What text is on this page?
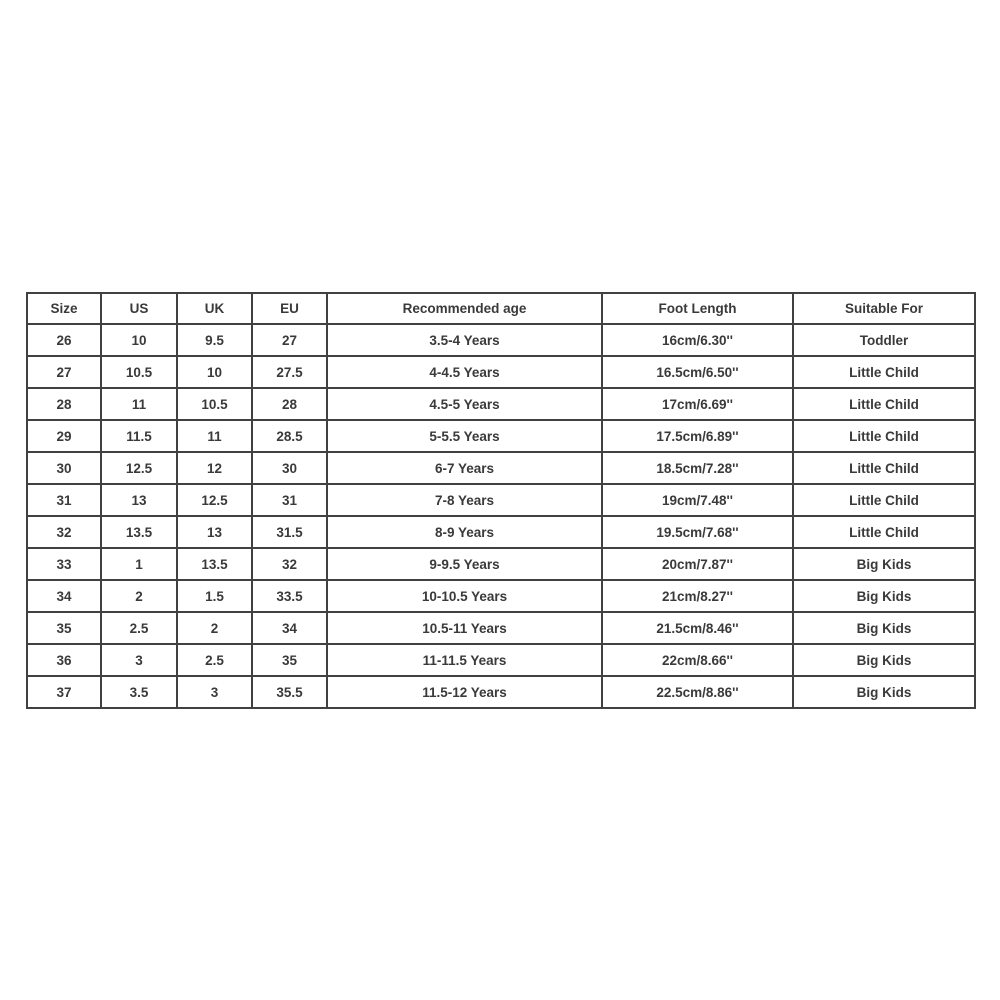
Size	US	UK	EU	Recommended age	Foot Length	Suitable For
26	10	9.5	27	3.5-4 Years	16cm/6.30''	Toddler
27	10.5	10	27.5	4-4.5 Years	16.5cm/6.50''	Little Child
28	11	10.5	28	4.5-5 Years	17cm/6.69''	Little Child
29	11.5	11	28.5	5-5.5 Years	17.5cm/6.89''	Little Child
30	12.5	12	30	6-7 Years	18.5cm/7.28''	Little Child
31	13	12.5	31	7-8 Years	19cm/7.48''	Little Child
32	13.5	13	31.5	8-9 Years	19.5cm/7.68''	Little Child
33	1	13.5	32	9-9.5 Years	20cm/7.87''	Big Kids
34	2	1.5	33.5	10-10.5 Years	21cm/8.27''	Big Kids
35	2.5	2	34	10.5-11 Years	21.5cm/8.46''	Big Kids
36	3	2.5	35	11-11.5 Years	22cm/8.66''	Big Kids
37	3.5	3	35.5	11.5-12 Years	22.5cm/8.86''	Big Kids
